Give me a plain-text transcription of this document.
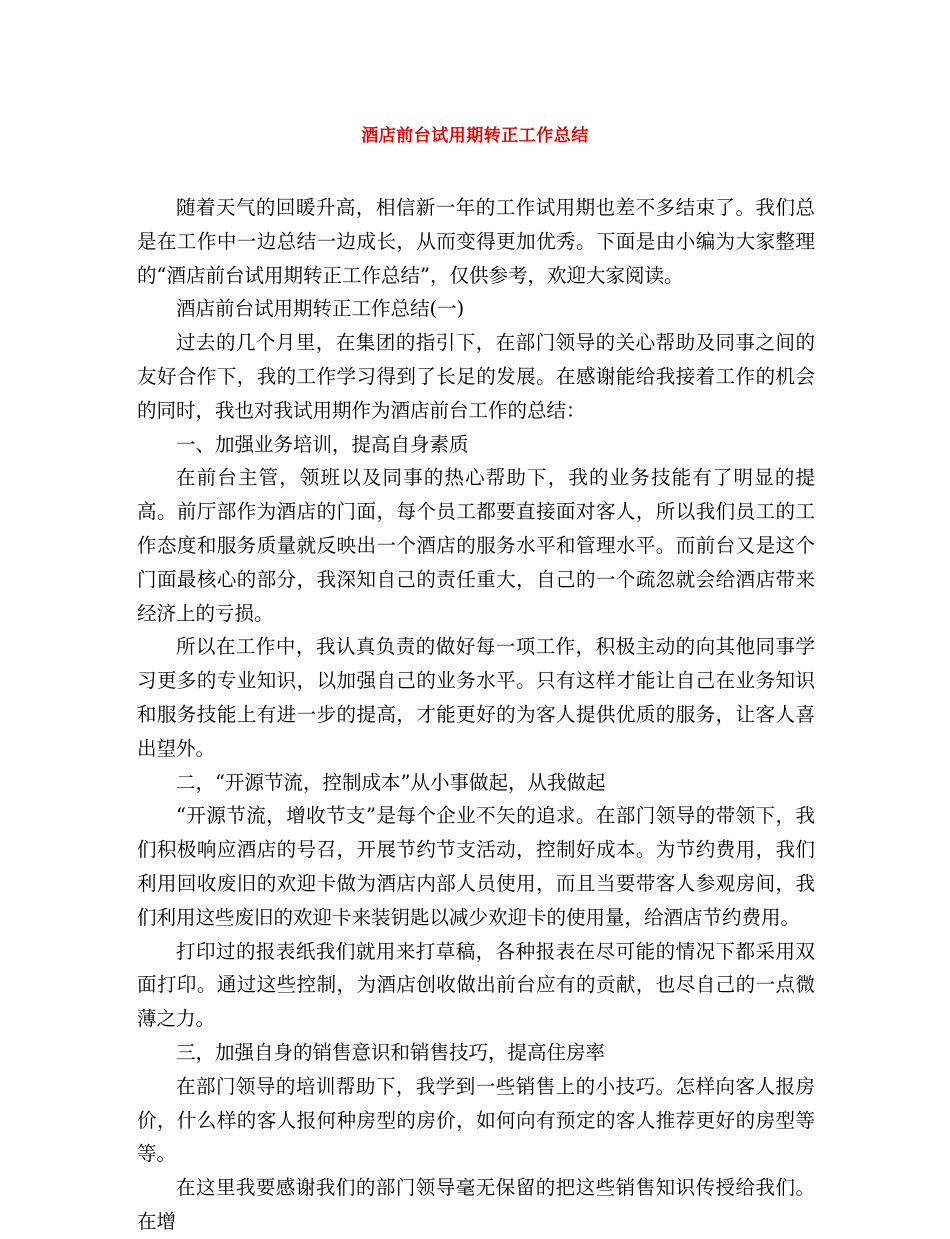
酒店前台试用期转正工作总结

随着天气的回暖升高，相信新一年的工作试用期也差不多结束了。我们总是在工作中一边总结一边成长，从而变得更加优秀。下面是由小编为大家整理的“酒店前台试用期转正工作总结”，仅供参考，欢迎大家阅读。

酒店前台试用期转正工作总结(一)

过去的几个月里，在集团的指引下，在部门领导的关心帮助及同事之间的友好合作下，我的工作学习得到了长足的发展。在感谢能给我接着工作的机会的同时，我也对我试用期作为酒店前台工作的总结：

一、加强业务培训，提高自身素质

在前台主管，领班以及同事的热心帮助下，我的业务技能有了明显的提高。前厅部作为酒店的门面，每个员工都要直接面对客人，所以我们员工的工作态度和服务质量就反映出一个酒店的服务水平和管理水平。而前台又是这个门面最核心的部分，我深知自己的责任重大，自己的一个疏忽就会给酒店带来经济上的亏损。

所以在工作中，我认真负责的做好每一项工作，积极主动的向其他同事学习更多的专业知识，以加强自己的业务水平。只有这样才能让自己在业务知识和服务技能上有进一步的提高，才能更好的为客人提供优质的服务，让客人喜出望外。

二，“开源节流，控制成本”从小事做起，从我做起

“开源节流，增收节支”是每个企业不矢的追求。在部门领导的带领下，我们积极响应酒店的号召，开展节约节支活动，控制好成本。为节约费用，我们利用回收废旧的欢迎卡做为酒店内部人员使用，而且当要带客人参观房间，我们利用这些废旧的欢迎卡来装钥匙以减少欢迎卡的使用量，给酒店节约费用。

打印过的报表纸我们就用来打草稿，各种报表在尽可能的情况下都采用双面打印。通过这些控制，为酒店创收做出前台应有的贡献，也尽自己的一点微薄之力。

三，加强自身的销售意识和销售技巧，提高住房率

在部门领导的培训帮助下，我学到一些销售上的小技巧。怎样向客人报房价，什么样的客人报何种房型的房价，如何向有预定的客人推荐更好的房型等等。

在这里我要感谢我们的部门领导毫无保留的把这些销售知识传授给我们。在增
